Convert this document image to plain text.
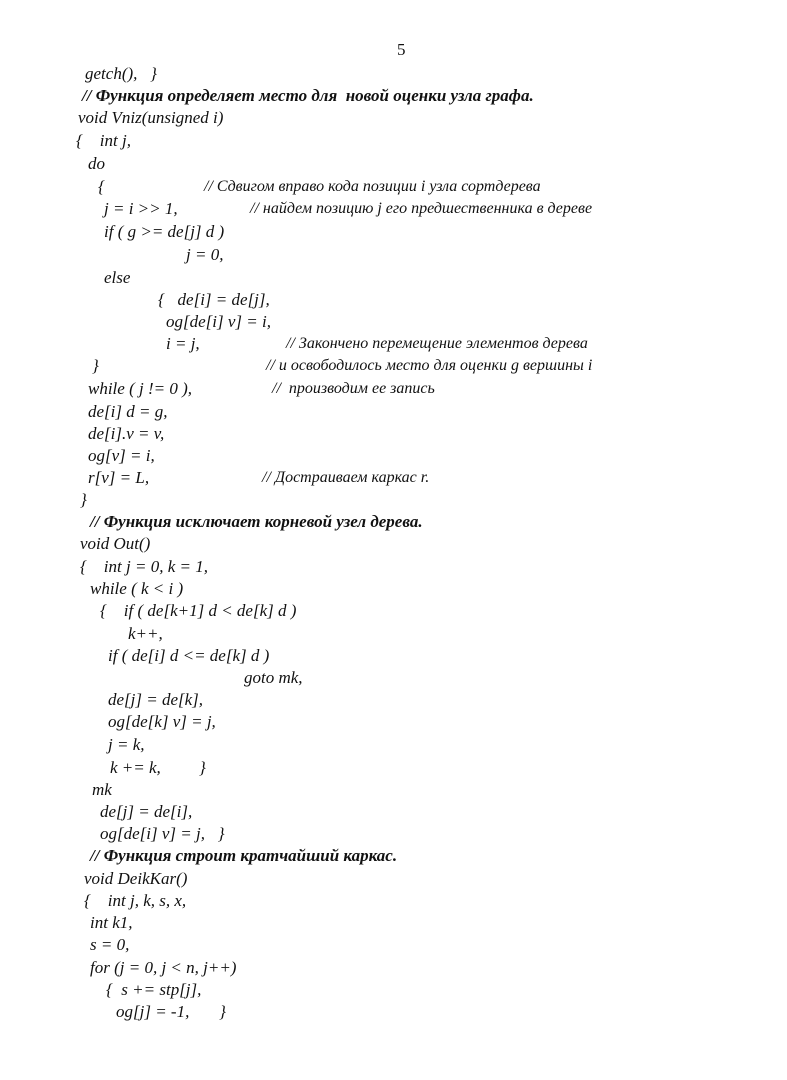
5
getch(),   }
// Функция определяет место для  новой оценки узла графа.
void Vniz(unsigned i)
{    int j,
do
{	// Сдвигом вправо кода позиции i узла сортдерева
j = i >> 1,	// найдем позицию j его предшественника в дереве
if ( g >= de[j] d )
j = 0,
else
{   de[i] = de[j],
og[de[i] v] = i,
i = j,	// Закончено перемещение элементов дерева
}	// и освободилось место для оценки g вершины i
while ( j != 0 ),	//  производим ее запись
de[i] d = g,
de[i].v = v,
og[v] = i,
r[v] = L,	// Достраиваем каркас r.
}
// Функция исключает корневой узел дерева.
void Out()
{    int j = 0, k = 1,
while ( k < i )
{    if ( de[k+1] d < de[k] d )
k++,
if ( de[i] d <= de[k] d )
goto mk,
de[j] = de[k],
og[de[k] v] = j,
j = k,
k += k,         }
mk
de[j] = de[i],
og[de[i] v] = j,   }
// Функция строит кратчайший каркас.
void DeikKar()
{    int j, k, s, x,
int k1,
s = 0,
for (j = 0, j < n, j++)
{  s += stp[j],
og[j] = -1,       }
